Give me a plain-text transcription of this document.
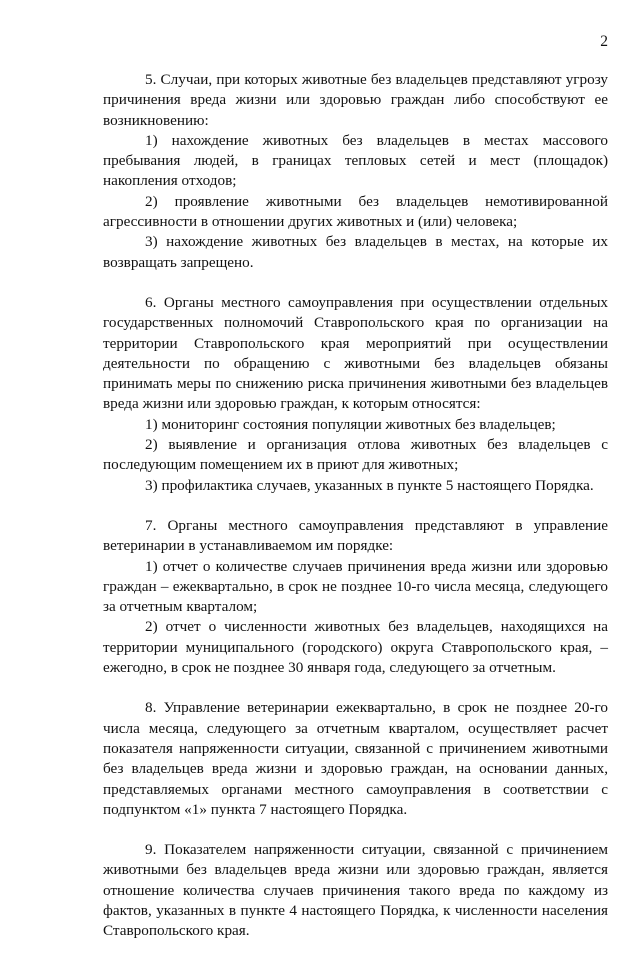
2

5. Случаи, при которых животные без владельцев представляют угрозу причинения вреда жизни или здоровью граждан либо способствуют ее возникновению:

1) нахождение животных без владельцев в местах массового пребывания людей, в границах тепловых сетей и мест (площадок) накопления отходов;

2) проявление животными без владельцев немотивированной агрессивности в отношении других животных и (или) человека;

3) нахождение животных без владельцев в местах, на которые их возвращать запрещено.

6. Органы местного самоуправления при осуществлении отдельных государственных полномочий Ставропольского края по организации на территории Ставропольского края мероприятий при осуществлении деятельности по обращению с животными без владельцев обязаны принимать меры по снижению риска причинения животными без владельцев вреда жизни или здоровью граждан, к которым относятся:

1) мониторинг состояния популяции животных без владельцев;

2) выявление и организация отлова животных без владельцев с последующим помещением их в приют для животных;

3) профилактика случаев, указанных в пункте 5 настоящего Порядка.

7. Органы местного самоуправления представляют в управление ветеринарии в устанавливаемом им порядке:

1) отчет о количестве случаев причинения вреда жизни или здоровью граждан – ежеквартально, в срок не позднее 10-го числа месяца, следующего за отчетным кварталом;

2) отчет о численности животных без владельцев, находящихся на территории муниципального (городского) округа Ставропольского края, – ежегодно, в срок не позднее 30 января года, следующего за отчетным.

8. Управление ветеринарии ежеквартально, в срок не позднее 20-го числа месяца, следующего за отчетным кварталом, осуществляет расчет показателя напряженности ситуации, связанной с причинением животными без владельцев вреда жизни и здоровью граждан, на основании данных, представляемых органами местного самоуправления в соответствии с подпунктом «1» пункта 7 настоящего Порядка.

9. Показателем напряженности ситуации, связанной с причинением животными без владельцев вреда жизни или здоровью граждан, является отношение количества случаев причинения такого вреда по каждому из фактов, указанных в пункте 4 настоящего Порядка, к численности населения Ставропольского края.
